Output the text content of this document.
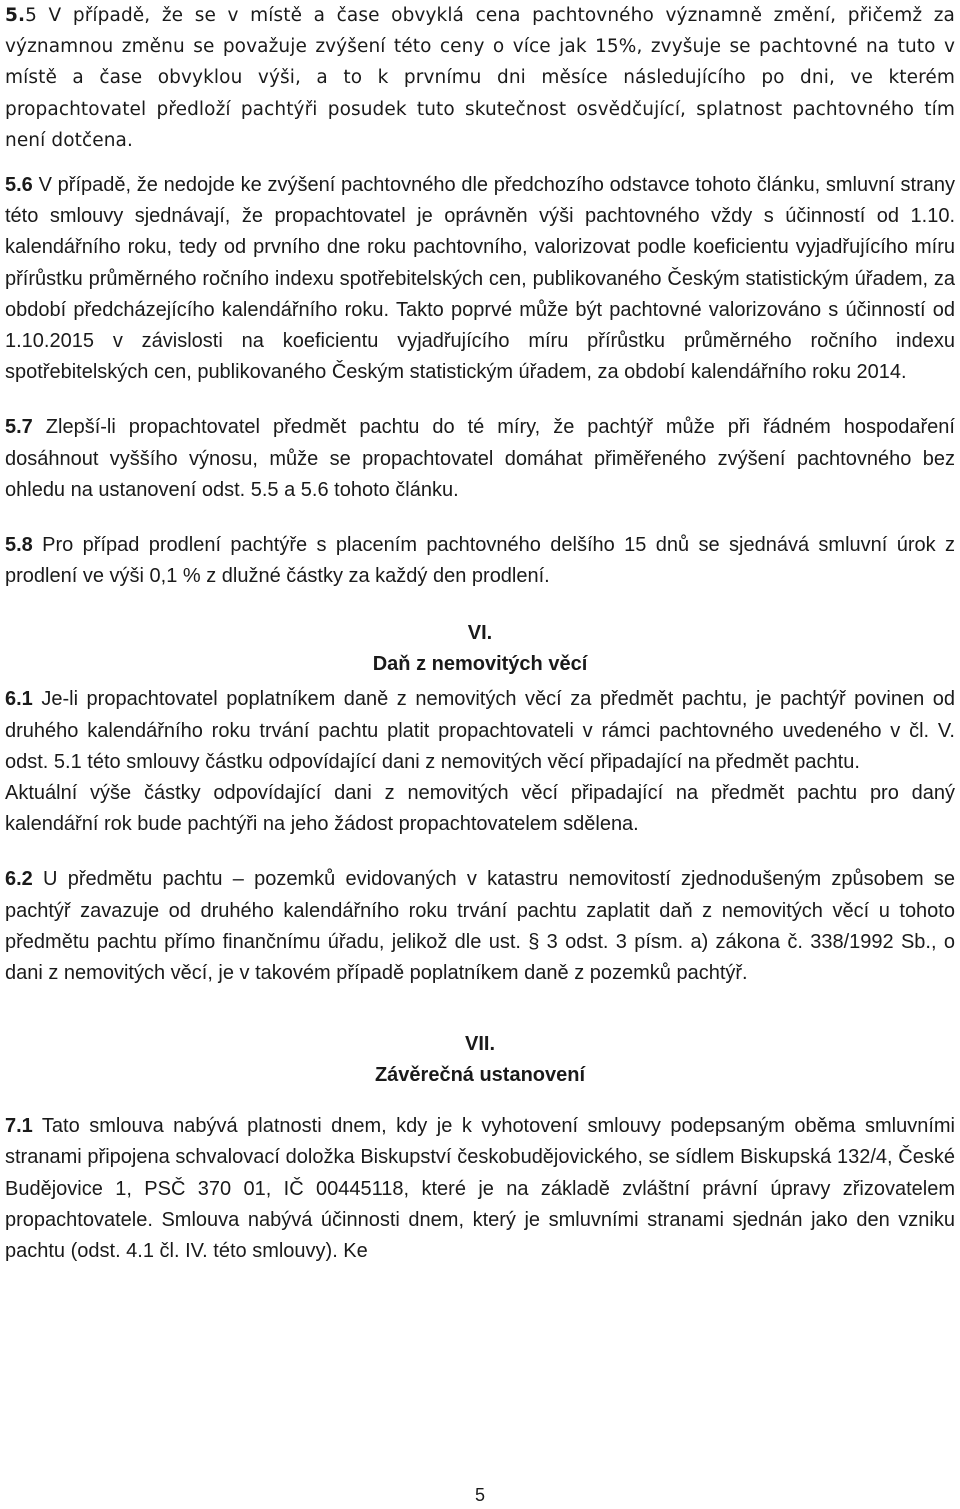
5.5 V případě, že se v místě a čase obvyklá cena pachtovného významně změní, přičemž za významnou změnu se považuje zvýšení této ceny o více jak 15%, zvyšuje se pachtovné na tuto v místě a čase obvyklou výši, a to k prvnímu dni měsíce následujícího po dni, ve kterém propachtovatel předloží pachtýři posudek tuto skutečnost osvědčující, splatnost pachtovného tím není dotčena.

5.6 V případě, že nedojde ke zvýšení pachtovného dle předchozího odstavce tohoto článku, smluvní strany této smlouvy sjednávají, že propachtovatel je oprávněn výši pachtovného vždy s účinností od 1.10. kalendářního roku, tedy od prvního dne roku pachtovního, valorizovat podle koeficientu vyjadřujícího míru přírůstku průměrného ročního indexu spotřebitelských cen, publikovaného Českým statistickým úřadem, za období předcházejícího kalendářního roku. Takto poprvé může být pachtovné valorizováno s účinností od 1.10.2015 v závislosti na koeficientu vyjadřujícího míru přírůstku průměrného ročního indexu spotřebitelských cen, publikovaného Českým statistickým úřadem, za období kalendářního roku 2014.

5.7 Zlepší-li propachtovatel předmět pachtu do té míry, že pachtýř může při řádném hospodaření dosáhnout vyššího výnosu, může se propachtovatel domáhat přiměřeného zvýšení pachtovného bez ohledu na ustanovení odst. 5.5 a 5.6 tohoto článku.

5.8 Pro případ prodlení pachtýře s placením pachtovného delšího 15 dnů se sjednává smluvní úrok z prodlení ve výši 0,1 % z dlužné částky za každý den prodlení.

VI.

Daň z nemovitých věcí

6.1 Je-li propachtovatel poplatníkem daně z nemovitých věcí za předmět pachtu, je pachtýř povinen od druhého kalendářního roku trvání pachtu platit propachtovateli v rámci pachtovného uvedeného v čl. V. odst. 5.1 této smlouvy částku odpovídající dani z nemovitých věcí připadající na předmět pachtu.

Aktuální výše částky odpovídající dani z nemovitých věcí připadající na předmět pachtu pro daný kalendářní rok bude pachtýři na jeho žádost propachtovatelem sdělena.

6.2 U předmětu pachtu – pozemků evidovaných v katastru nemovitostí zjednodušeným způsobem se pachtýř zavazuje od druhého kalendářního roku trvání pachtu zaplatit daň z nemovitých věcí u tohoto předmětu pachtu přímo finančnímu úřadu, jelikož dle ust. § 3 odst. 3 písm. a) zákona č. 338/1992 Sb., o dani z nemovitých věcí, je v takovém případě poplatníkem daně z pozemků pachtýř.

VII.

Závěrečná ustanovení

7.1 Tato smlouva nabývá platnosti dnem, kdy je k vyhotovení smlouvy podepsaným oběma smluvními stranami připojena schvalovací doložka Biskupství českobudějovického, se sídlem Biskupská 132/4, České Budějovice 1, PSČ 370 01, IČ 00445118, které je na základě zvláštní právní úpravy zřizovatelem propachtovatele. Smlouva nabývá účinnosti dnem, který je smluvními stranami sjednán jako den vzniku pachtu (odst. 4.1 čl. IV. této smlouvy). Ke

5
